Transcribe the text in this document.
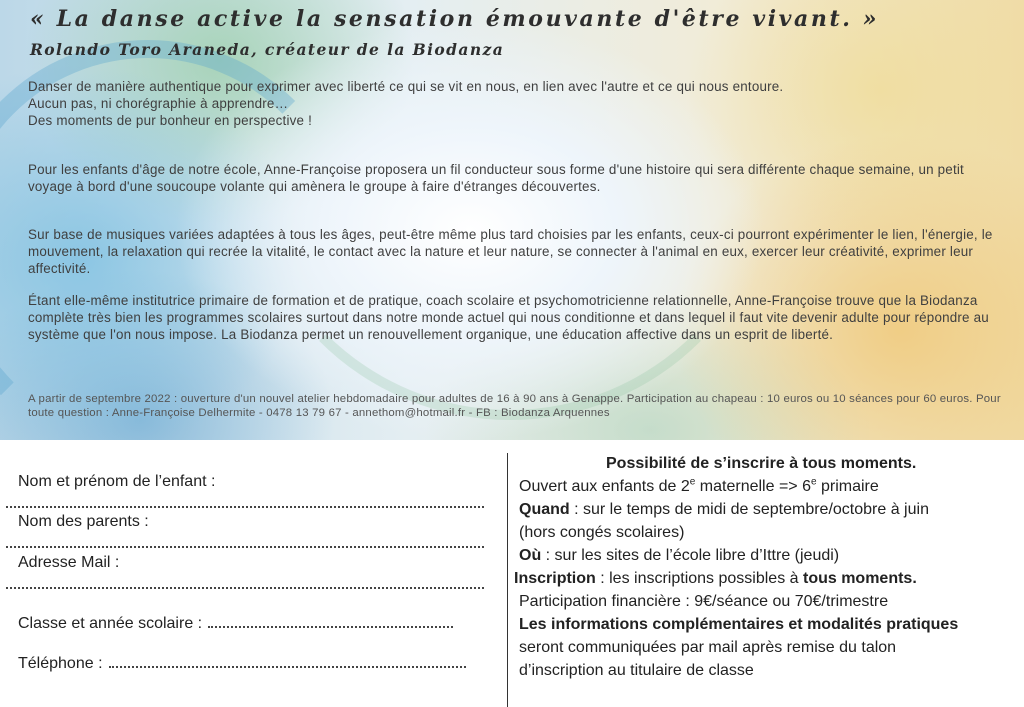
« La danse active la sensation émouvante d'être vivant. »

Rolando Toro Araneda, créateur de la Biodanza

Danser de manière authentique pour exprimer avec liberté ce qui se vit en nous, en lien avec l'autre et ce qui nous entoure.
Aucun pas, ni chorégraphie à apprendre…
Des moments de pur bonheur en perspective !

Pour les enfants d'âge de notre école, Anne-Françoise proposera un fil conducteur sous forme d'une histoire qui sera différente chaque semaine, un petit voyage à bord d'une soucoupe volante qui amènera le groupe à faire d'étranges découvertes.

Sur base de musiques variées adaptées à tous les âges, peut-être même plus tard choisies par les enfants, ceux-ci pourront expérimenter le lien, l'énergie, le mouvement, la relaxation qui recrée la vitalité, le contact avec la nature et leur nature, se connecter à l'animal en eux, exercer leur créativité, exprimer leur affectivité.

Étant elle-même institutrice primaire de formation et de pratique, coach scolaire et psychomotricienne relationnelle, Anne-Françoise trouve que la Biodanza complète très bien les programmes scolaires surtout dans notre monde actuel qui nous conditionne et dans lequel il faut vite devenir adulte pour répondre au système que l'on nous impose. La Biodanza permet un renouvellement organique, une éducation affective dans un esprit de liberté.

A partir de septembre 2022 : ouverture d'un nouvel atelier hebdomadaire pour adultes de 16 à 90 ans à Genappe. Participation au chapeau : 10 euros ou 10 séances pour 60 euros. Pour toute question : Anne-Françoise Delhermite - 0478 13 79 67 - annethom@hotmail.fr - FB : Biodanza Arquennes

Nom et prénom de l’enfant :
Nom des parents :
Adresse Mail :
Classe et année scolaire :
Téléphone :
Possibilité de s’inscrire à tous moments.
Ouvert aux enfants de 2e maternelle => $6^e$ primaire
Quand : sur le temps de midi de septembre/octobre à juin
(hors congés scolaires)
Où : sur les sites de l’école libre d’Ittre (jeudi)
Inscription : les inscriptions possibles à tous moments.
Participation financière : 9€/séance ou 70€/trimestre
Les informations complémentaires et modalités pratiques
seront communiquées par mail après remise du talon
d’inscription au titulaire de classe
